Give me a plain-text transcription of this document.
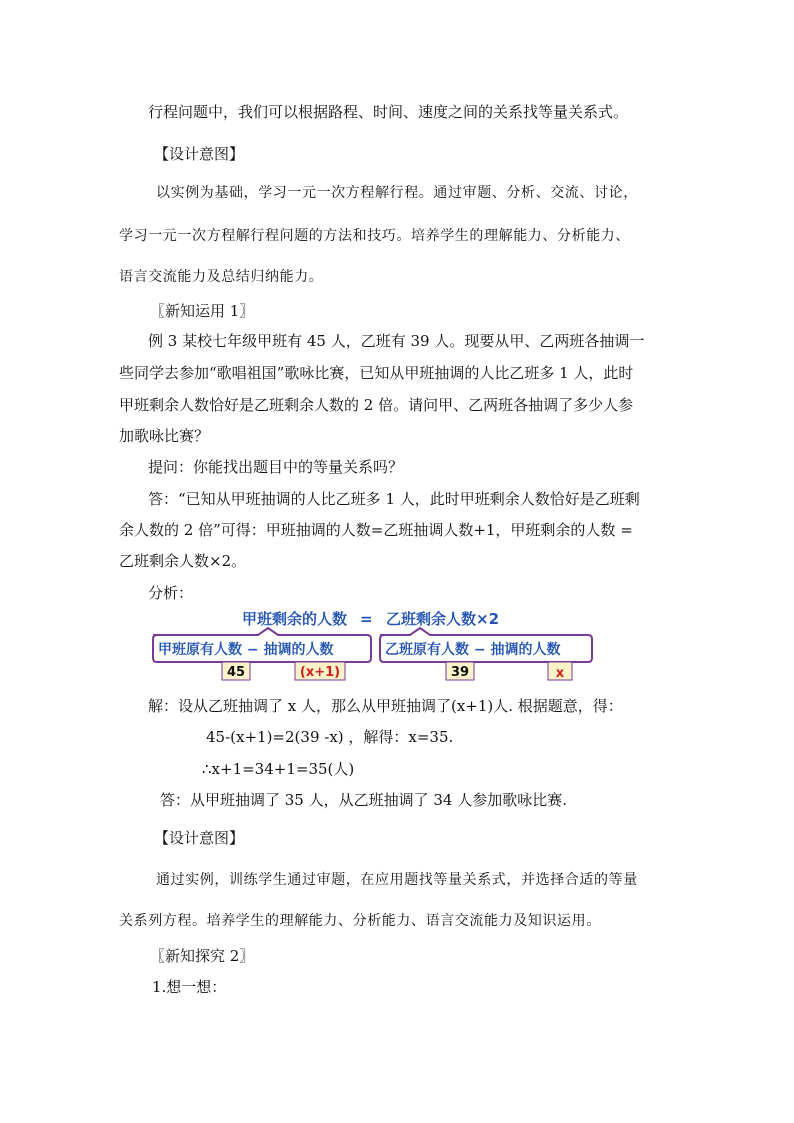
行程问题中，我们可以根据路程、时间、速度之间的关系找等量关系式。

【设计意图】

以实例为基础，学习一元一次方程解行程。通过审题、分析、交流、讨论，

学习一元一次方程解行程问题的方法和技巧。培养学生的理解能力、分析能力、

语言交流能力及总结归纳能力。

〖新知运用 1〗

例 3 某校七年级甲班有 45 人，乙班有 39 人。现要从甲、乙两班各抽调一

些同学去参加“歌唱祖国”歌咏比赛，已知从甲班抽调的人比乙班多 1 人，此时

甲班剩余人数恰好是乙班剩余人数的 2 倍。请问甲、乙两班各抽调了多少人参

加歌咏比赛？

提问：你能找出题目中的等量关系吗？

答：“已知从甲班抽调的人比乙班多 1 人，此时甲班剩余人数恰好是乙班剩

余人数的 2 倍”可得：甲班抽调的人数=乙班抽调人数+1，甲班剩余的人数 =

乙班剩余人数×2。

分析：

甲班剩余的人数 = 乙班剩余人数×2
甲班原有人数 − 抽调的人数	乙班原有人数 − 抽调的人数
45	(x+1)	39	x

解：设从乙班抽调了 x 人，那么从甲班抽调了(x+1)人. 根据题意，得：

45-(x+1)=2(39 -x) ，解得：x=35.

∴x+1=34+1=35(人)

答：从甲班抽调了 35 人，从乙班抽调了 34 人参加歌咏比赛.

【设计意图】

通过实例，训练学生通过审题，在应用题找等量关系式，并选择合适的等量

关系列方程。培养学生的理解能力、分析能力、语言交流能力及知识运用。

〖新知探究 2〗

1.想一想：
